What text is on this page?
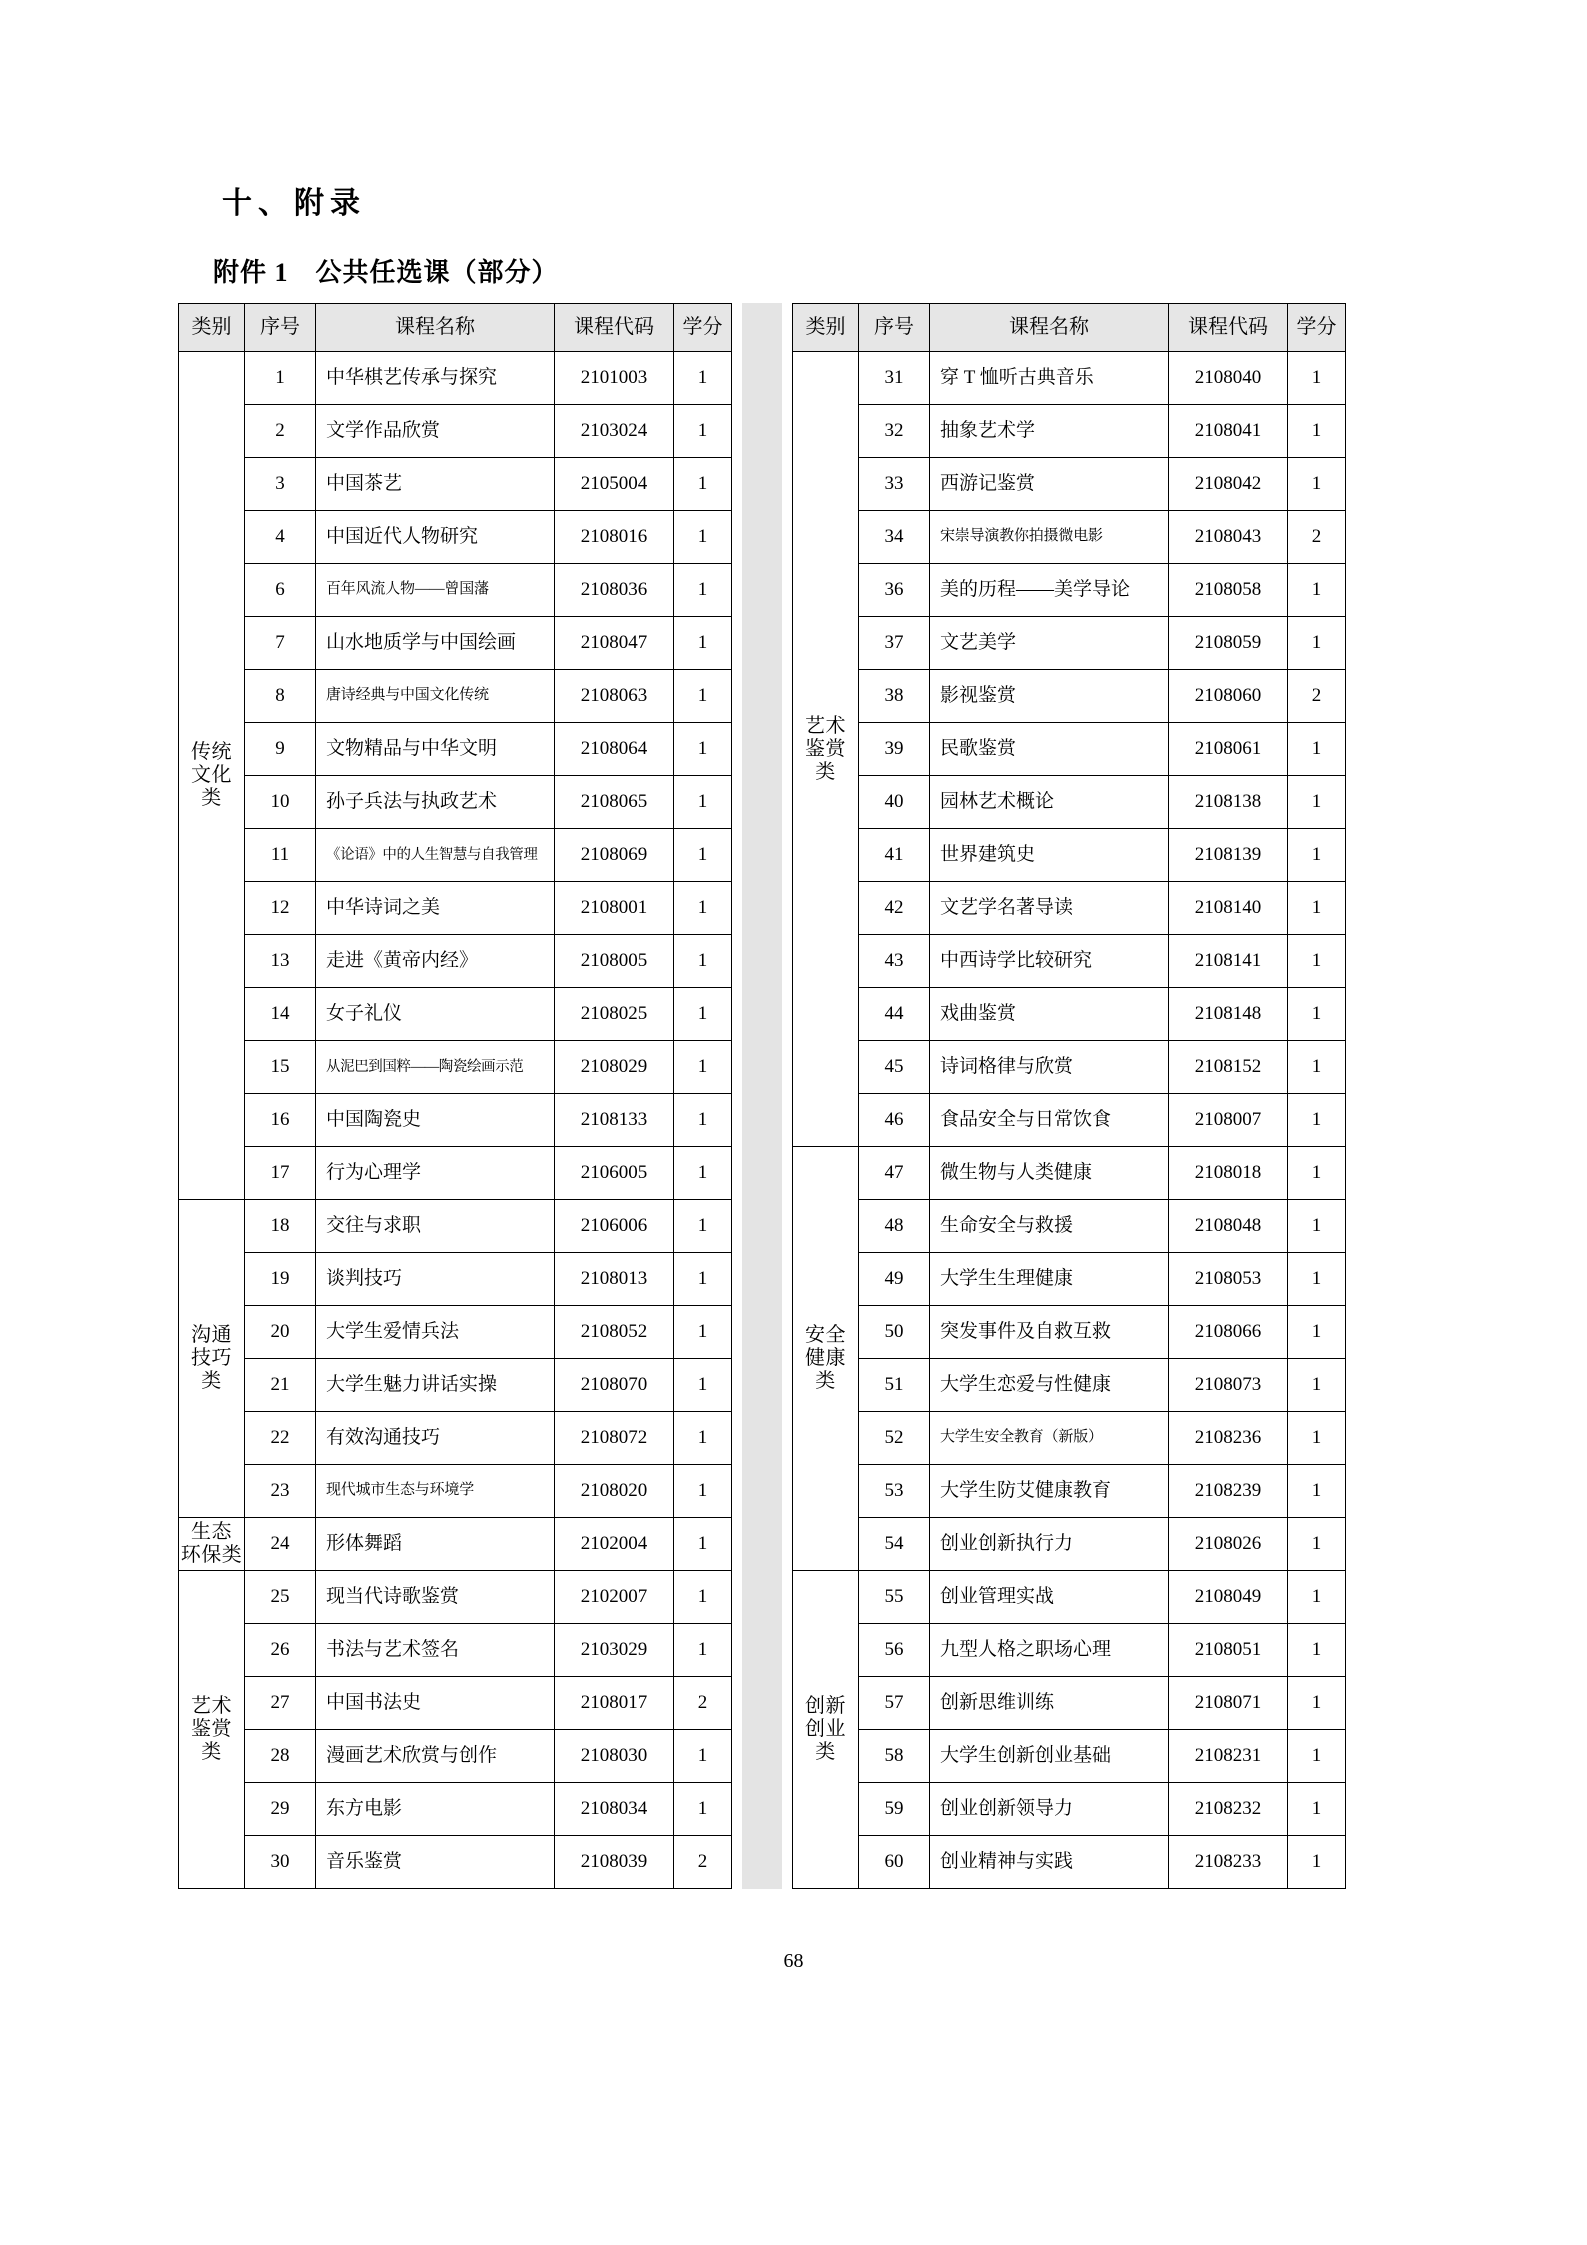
十、附录
附件 1　公共任选课（部分）
类别	序号	课程名称	课程代码	学分
传统
文化
类	1	中华棋艺传承与探究	2101003	1
	2	文学作品欣赏	2103024	1
	3	中国茶艺	2105004	1
	4	中国近代人物研究	2108016	1
	6	百年风流人物——曾国藩	2108036	1
	7	山水地质学与中国绘画	2108047	1
	8	唐诗经典与中国文化传统	2108063	1
	9	文物精品与中华文明	2108064	1
	10	孙子兵法与执政艺术	2108065	1
	11	《论语》中的人生智慧与自我管理	2108069	1
	12	中华诗词之美	2108001	1
	13	走进《黄帝内经》	2108005	1
	14	女子礼仪	2108025	1
	15	从泥巴到国粹——陶瓷绘画示范	2108029	1
	16	中国陶瓷史	2108133	1
	17	行为心理学	2106005	1
沟通
技巧
类	18	交往与求职	2106006	1
	19	谈判技巧	2108013	1
	20	大学生爱情兵法	2108052	1
	21	大学生魅力讲话实操	2108070	1
	22	有效沟通技巧	2108072	1
	23	现代城市生态与环境学	2108020	1
生态
环保类	24	形体舞蹈	2102004	1
艺术
鉴赏
类	25	现当代诗歌鉴赏	2102007	1
	26	书法与艺术签名	2103029	1
	27	中国书法史	2108017	2
	28	漫画艺术欣赏与创作	2108030	1
	29	东方电影	2108034	1
	30	音乐鉴赏	2108039	2
类别	序号	课程名称	课程代码	学分
艺术
鉴赏
类	31	穿 T 恤听古典音乐	2108040	1
	32	抽象艺术学	2108041	1
	33	西游记鉴赏	2108042	1
	34	宋崇导演教你拍摄微电影	2108043	2
	36	美的历程——美学导论	2108058	1
	37	文艺美学	2108059	1
	38	影视鉴赏	2108060	2
	39	民歌鉴赏	2108061	1
	40	园林艺术概论	2108138	1
	41	世界建筑史	2108139	1
	42	文艺学名著导读	2108140	1
	43	中西诗学比较研究	2108141	1
	44	戏曲鉴赏	2108148	1
	45	诗词格律与欣赏	2108152	1
	46	食品安全与日常饮食	2108007	1
安全
健康
类	47	微生物与人类健康	2108018	1
	48	生命安全与救援	2108048	1
	49	大学生生理健康	2108053	1
	50	突发事件及自救互救	2108066	1
	51	大学生恋爱与性健康	2108073	1
	52	大学生安全教育（新版）	2108236	1
	53	大学生防艾健康教育	2108239	1
	54	创业创新执行力	2108026	1
创新
创业
类	55	创业管理实战	2108049	1
	56	九型人格之职场心理	2108051	1
	57	创新思维训练	2108071	1
	58	大学生创新创业基础	2108231	1
	59	创业创新领导力	2108232	1
	60	创业精神与实践	2108233	1
68
